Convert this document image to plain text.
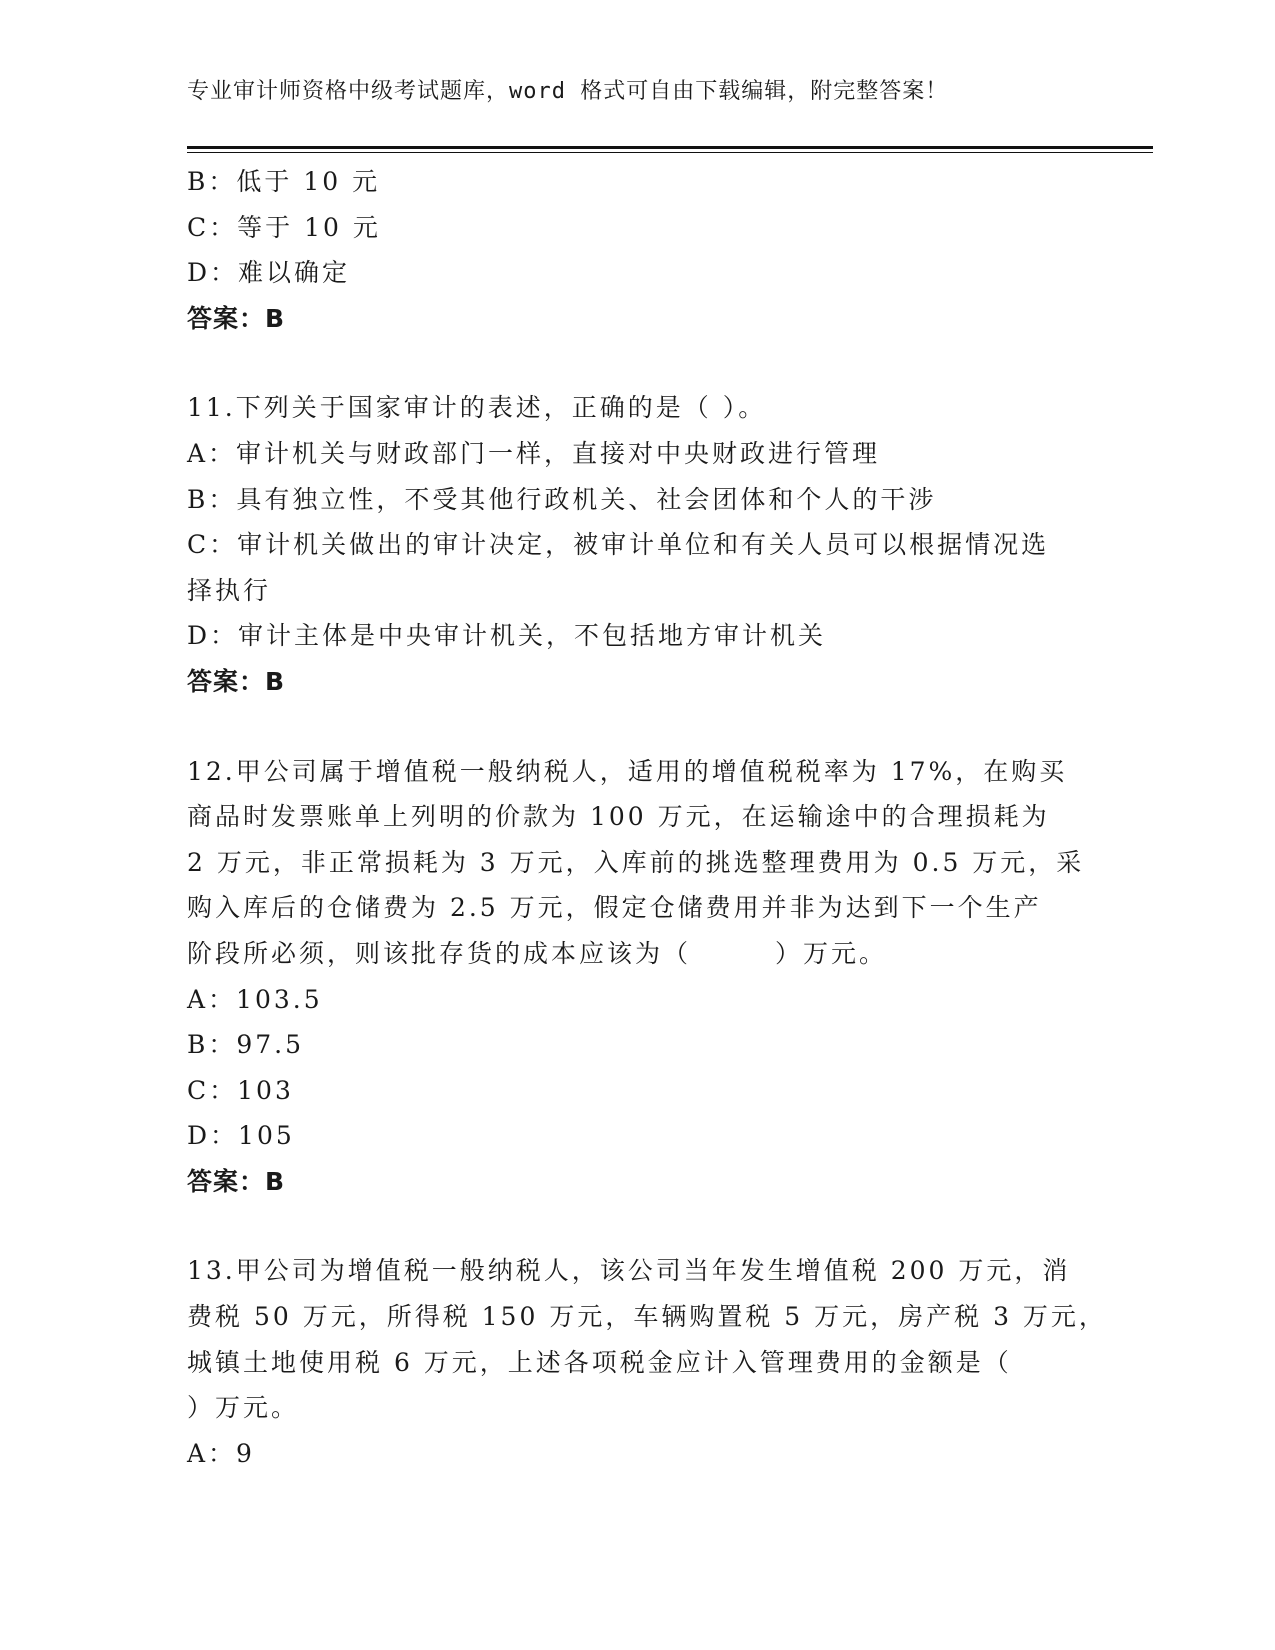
专业审计师资格中级考试题库，word 格式可自由下载编辑，附完整答案！
B：低于 10 元
C：等于 10 元
D：难以确定
答案：B
11.下列关于国家审计的表述，正确的是（ ）。
A：审计机关与财政部门一样，直接对中央财政进行管理
B：具有独立性，不受其他行政机关、社会团体和个人的干涉
C：审计机关做出的审计决定，被审计单位和有关人员可以根据情况选
择执行
D：审计主体是中央审计机关，不包括地方审计机关
答案：B
12.甲公司属于增值税一般纳税人，适用的增值税税率为 17%，在购买
商品时发票账单上列明的价款为 100 万元，在运输途中的合理损耗为
2 万元，非正常损耗为 3 万元，入库前的挑选整理费用为 0.5 万元，采
购入库后的仓储费为 2.5 万元，假定仓储费用并非为达到下一个生产
阶段所必须，则该批存货的成本应该为（　　　）万元。
A：103.5
B：97.5
C：103
D：105
答案：B
13.甲公司为增值税一般纳税人，该公司当年发生增值税 200 万元，消
费税 50 万元，所得税 150 万元，车辆购置税 5 万元，房产税 3 万元，
城镇土地使用税 6 万元，上述各项税金应计入管理费用的金额是（
）万元。
A：9
